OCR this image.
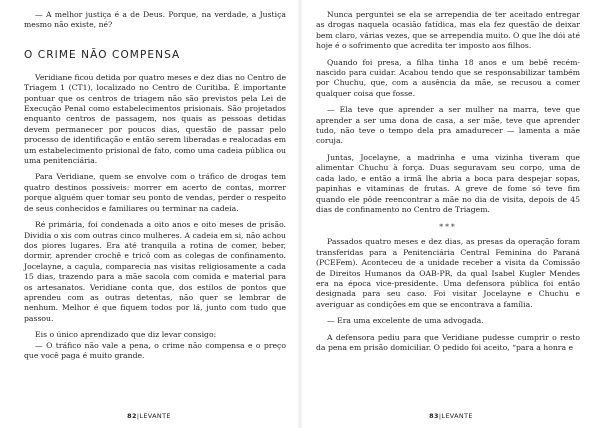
— A melhor justiça é a de Deus. Porque, na verdade, a Justiça mesmo não existe, né?

O CRIME NÃO COMPENSA

Veridiane ficou detida por quatro meses e dez dias no Centro de Triagem 1 (CT1), localizado no Centro de Curitiba. É importante pontuar que os centros de triagem não são previstos pela Lei de Execução Penal como estabelecimentos prisionais. São projetados enquanto centros de passagem, nos quais as pessoas detidas devem permanecer por poucos dias, questão de passar pelo processo de identificação e então serem liberadas e realocadas em um estabelecimento prisional de fato, como uma cadeia pública ou uma penitenciária.

Para Veridiane, quem se envolve com o tráfico de drogas tem quatro destinos possíveis: morrer em acerto de contas, morrer porque alguém quer tomar seu ponto de vendas, perder o respeito de seus conhecidos e familiares ou terminar na cadeia.

Ré primária, foi condenada a oito anos e oito meses de prisão. Dividia o xis com outras cinco mulheres. A cadeia em si, não achou dos piores lugares. Era até tranquila a rotina de comer, beber, dormir, aprender crochê e tricô com as colegas de confinamento. Jocelayne, a caçula, comparecia nas visitas religiosamente a cada 15 dias, trazendo para a mãe sacola com comida e material para os artesanatos. Veridiane conta que, dos estilos de pontos que aprendeu com as outras detentas, não quer se lembrar de nenhum. Melhor é que fiquem todos por lá, junto com tudo que passou.

Eis o único aprendizado que diz levar consigo:

— O tráfico não vale a pena, o crime não compensa e o preço que você paga é muito grande.

82|LEVANTE

Nunca perguntei se ela se arrependia de ter aceitado entregar as drogas naquela ocasião fatídica, mas ela fez questão de deixar bem claro, várias vezes, que se arrependia muito. O que lhe dói até hoje é o sofrimento que acredita ter imposto aos filhos.

Quando foi presa, a filha tinha 18 anos e um bebê recém-nascido para cuidar. Acabou tendo que se responsabilizar também por Chuchu, que, com a ausência da mãe, se recusou a comer qualquer coisa que fosse.

— Ela teve que aprender a ser mulher na marra, teve que aprender a ser uma dona de casa, a ser mãe, teve que aprender tudo, não teve o tempo dela pra amadurecer — lamenta a mãe coruja.

Juntas, Jocelayne, a madrinha e uma vizinha tiveram que alimentar Chuchu à força. Duas seguravam seu corpo, uma de cada lado, e então a irmã lhe abria a boca para despejar sopas, papinhas e vitaminas de frutas. A greve de fome só teve fim quando ele pôde reencontrar a mãe no dia de visita, depois de 45 dias de confinamento no Centro de Triagem.

***

Passados quatro meses e dez dias, as presas da operação foram transferidas para a Penitenciária Central Feminina do Paraná (PCEFem). Aconteceu de a unidade receber a visita da Comissão de Direitos Humanos da OAB-PR, da qual Isabel Kugler Mendes era na época vice-presidente. Uma defensora pública foi então designada para seu caso. Foi visitar Jocelayne e Chuchu e averiguar as condições em que se encontrava a família.

— Era uma excelente de uma advogada.

A defensora pediu para que Veridiane pudesse cumprir o resto da pena em prisão domiciliar. O pedido foi aceito, “para a honra e

83|LEVANTE
